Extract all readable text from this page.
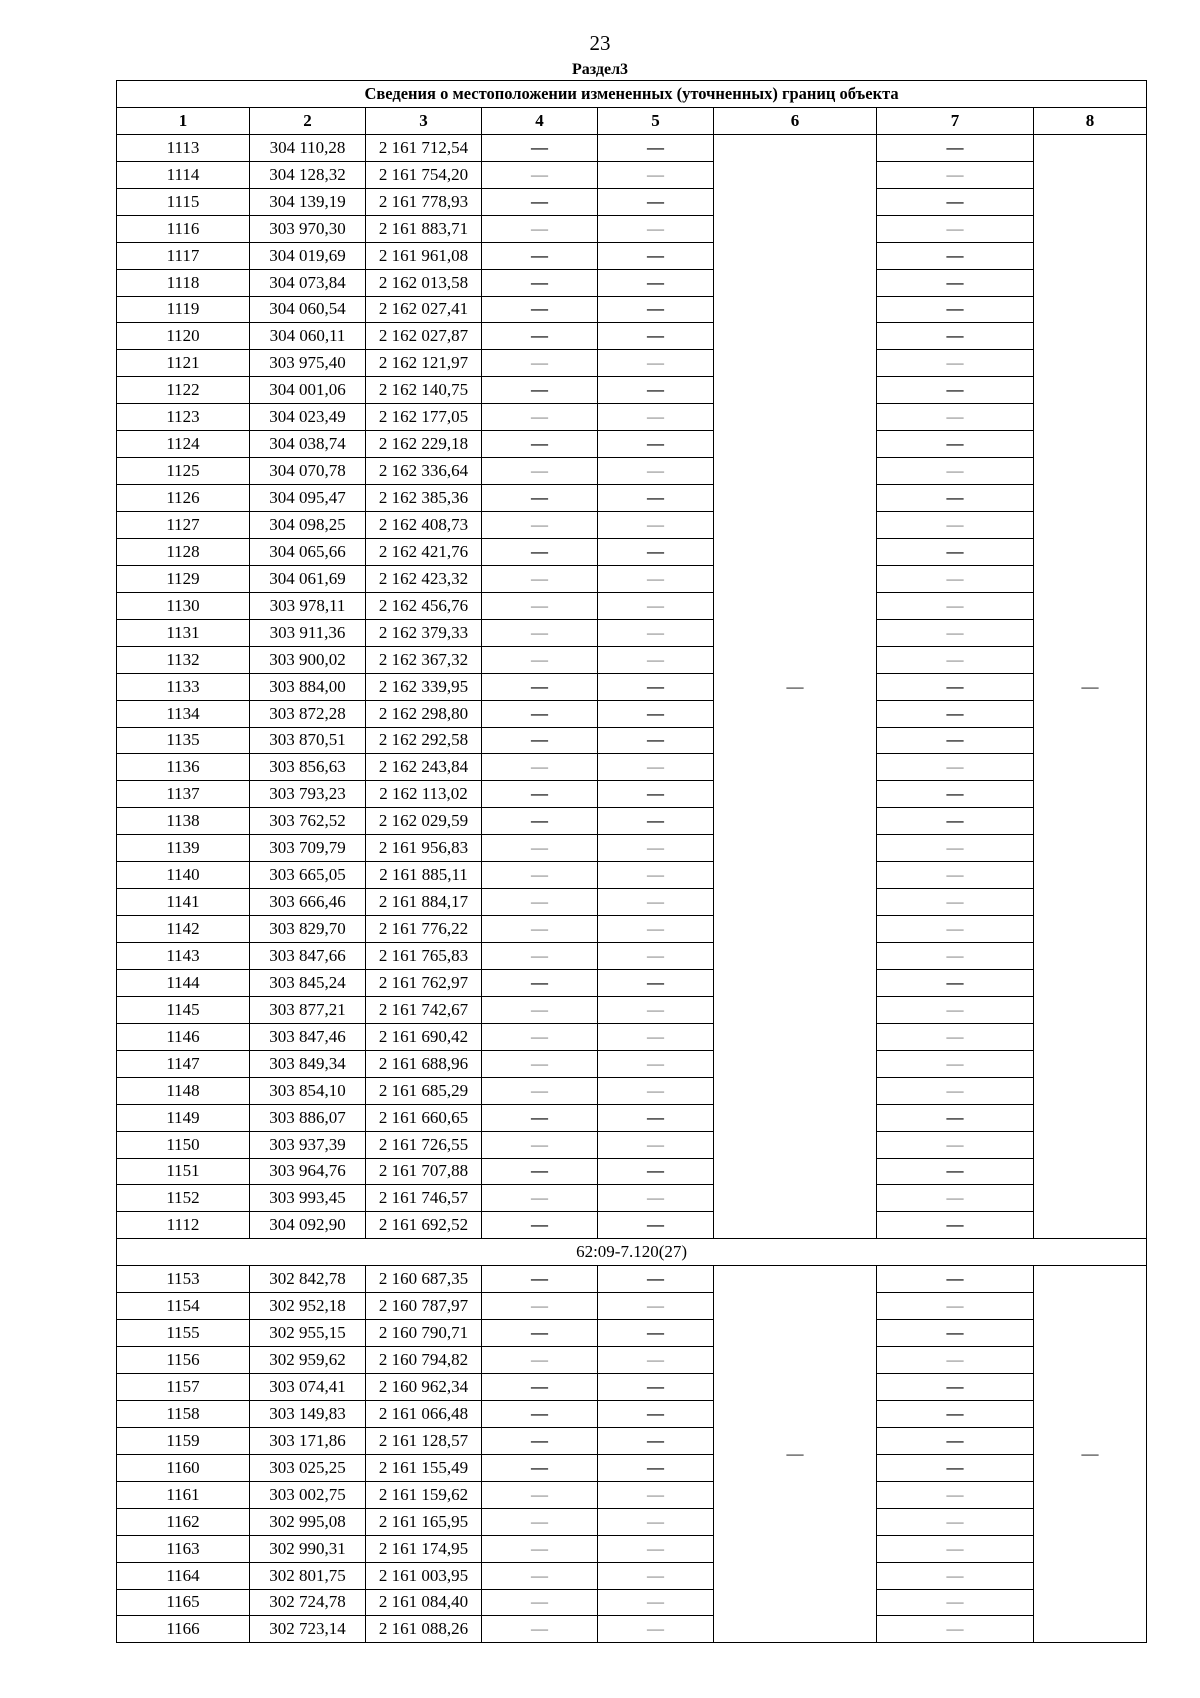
23
Раздел3
Сведения о местоположении измененных (уточненных) границ объекта							
1	2	3	4	5	6	7	8
1113	304 110,28	2 161 712,54	—	—	—	—	—
1114	304 128,32	2 161 754,20	—	—		—	
1115	304 139,19	2 161 778,93	—	—		—	
1116	303 970,30	2 161 883,71	—	—		—	
1117	304 019,69	2 161 961,08	—	—		—	
1118	304 073,84	2 162 013,58	—	—		—	
1119	304 060,54	2 162 027,41	—	—		—	
1120	304 060,11	2 162 027,87	—	—		—	
1121	303 975,40	2 162 121,97	—	—		—	
1122	304 001,06	2 162 140,75	—	—		—	
1123	304 023,49	2 162 177,05	—	—		—	
1124	304 038,74	2 162 229,18	—	—		—	
1125	304 070,78	2 162 336,64	—	—		—	
1126	304 095,47	2 162 385,36	—	—		—	
1127	304 098,25	2 162 408,73	—	—		—	
1128	304 065,66	2 162 421,76	—	—		—	
1129	304 061,69	2 162 423,32	—	—		—	
1130	303 978,11	2 162 456,76	—	—		—	
1131	303 911,36	2 162 379,33	—	—		—	
1132	303 900,02	2 162 367,32	—	—		—	
1133	303 884,00	2 162 339,95	—	—		—	
1134	303 872,28	2 162 298,80	—	—		—	
1135	303 870,51	2 162 292,58	—	—		—	
1136	303 856,63	2 162 243,84	—	—		—	
1137	303 793,23	2 162 113,02	—	—		—	
1138	303 762,52	2 162 029,59	—	—		—	
1139	303 709,79	2 161 956,83	—	—		—	
1140	303 665,05	2 161 885,11	—	—		—	
1141	303 666,46	2 161 884,17	—	—		—	
1142	303 829,70	2 161 776,22	—	—		—	
1143	303 847,66	2 161 765,83	—	—		—	
1144	303 845,24	2 161 762,97	—	—		—	
1145	303 877,21	2 161 742,67	—	—		—	
1146	303 847,46	2 161 690,42	—	—		—	
1147	303 849,34	2 161 688,96	—	—		—	
1148	303 854,10	2 161 685,29	—	—		—	
1149	303 886,07	2 161 660,65	—	—		—	
1150	303 937,39	2 161 726,55	—	—		—	
1151	303 964,76	2 161 707,88	—	—		—	
1152	303 993,45	2 161 746,57	—	—		—	
1112	304 092,90	2 161 692,52	—	—		—	
62:09-7.120(27)							
1153	302 842,78	2 160 687,35	—	—	—	—	—
1154	302 952,18	2 160 787,97	—	—		—	
1155	302 955,15	2 160 790,71	—	—		—	
1156	302 959,62	2 160 794,82	—	—		—	
1157	303 074,41	2 160 962,34	—	—		—	
1158	303 149,83	2 161 066,48	—	—		—	
1159	303 171,86	2 161 128,57	—	—		—	
1160	303 025,25	2 161 155,49	—	—		—	
1161	303 002,75	2 161 159,62	—	—		—	
1162	302 995,08	2 161 165,95	—	—		—	
1163	302 990,31	2 161 174,95	—	—		—	
1164	302 801,75	2 161 003,95	—	—		—	
1165	302 724,78	2 161 084,40	—	—		—	
1166	302 723,14	2 161 088,26	—	—		—	
